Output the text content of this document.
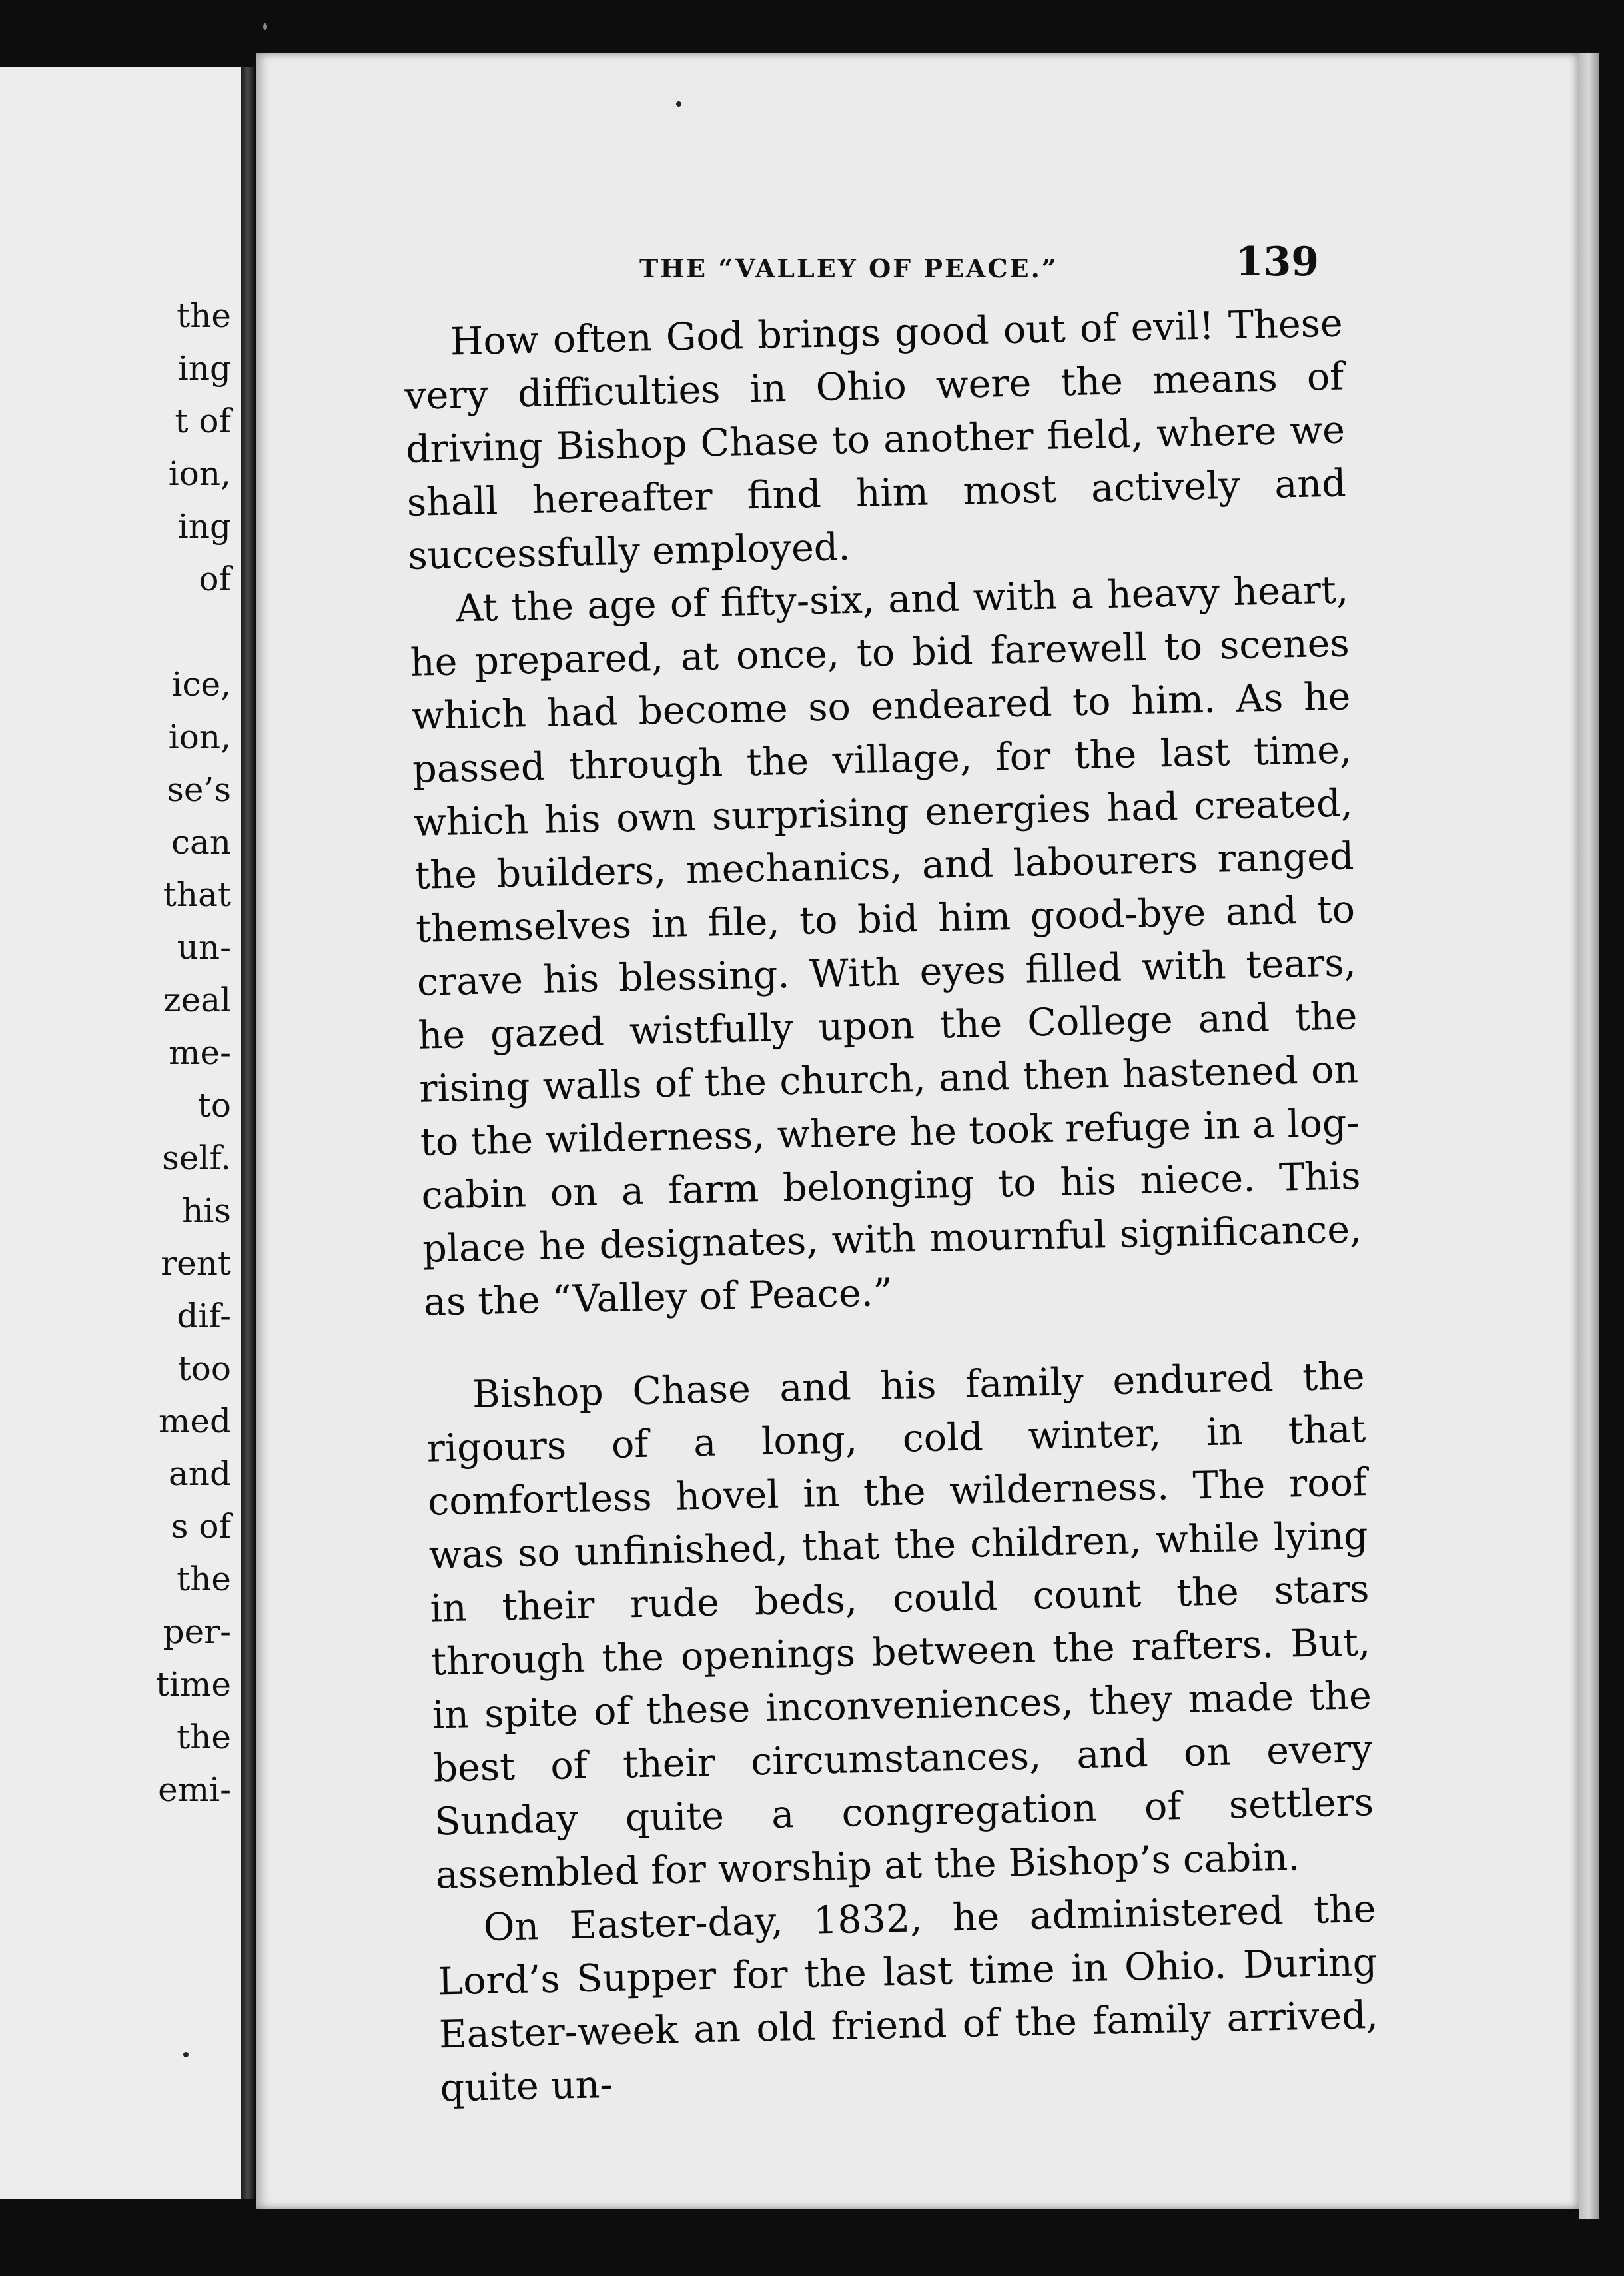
the
ing
t of
ion,
ing
of
ice,
ion,
se’s
can
that
un-
zeal
me-
to
self.
his
rent
dif-
too
med
and
s of
the
per-
time
the
emi-
THE “VALLEY OF PEACE.”	139

How often God brings good out of evil! These very difficulties in Ohio were the means of driving Bishop Chase to another field, where we shall hereafter find him most actively and successfully employed.

At the age of fifty-six, and with a heavy heart, he prepared, at once, to bid farewell to scenes which had become so endeared to him. As he passed through the village, for the last time, which his own surprising energies had created, the builders, mechanics, and labourers ranged themselves in file, to bid him good-bye and to crave his blessing. With eyes filled with tears, he gazed wistfully upon the College and the rising walls of the church, and then hastened on to the wilderness, where he took refuge in a log-cabin on a farm belonging to his niece. This place he designates, with mournful significance, as the “Valley of Peace.”

Bishop Chase and his family endured the rigours of a long, cold winter, in that comfortless hovel in the wilderness. The roof was so unfinished, that the children, while lying in their rude beds, could count the stars through the openings between the rafters. But, in spite of these inconveniences, they made the best of their circumstances, and on every Sunday quite a congregation of settlers assembled for worship at the Bishop’s cabin.

On Easter-day, 1832, he administered the Lord’s Supper for the last time in Ohio. During Easter-week an old friend of the family arrived, quite un-
